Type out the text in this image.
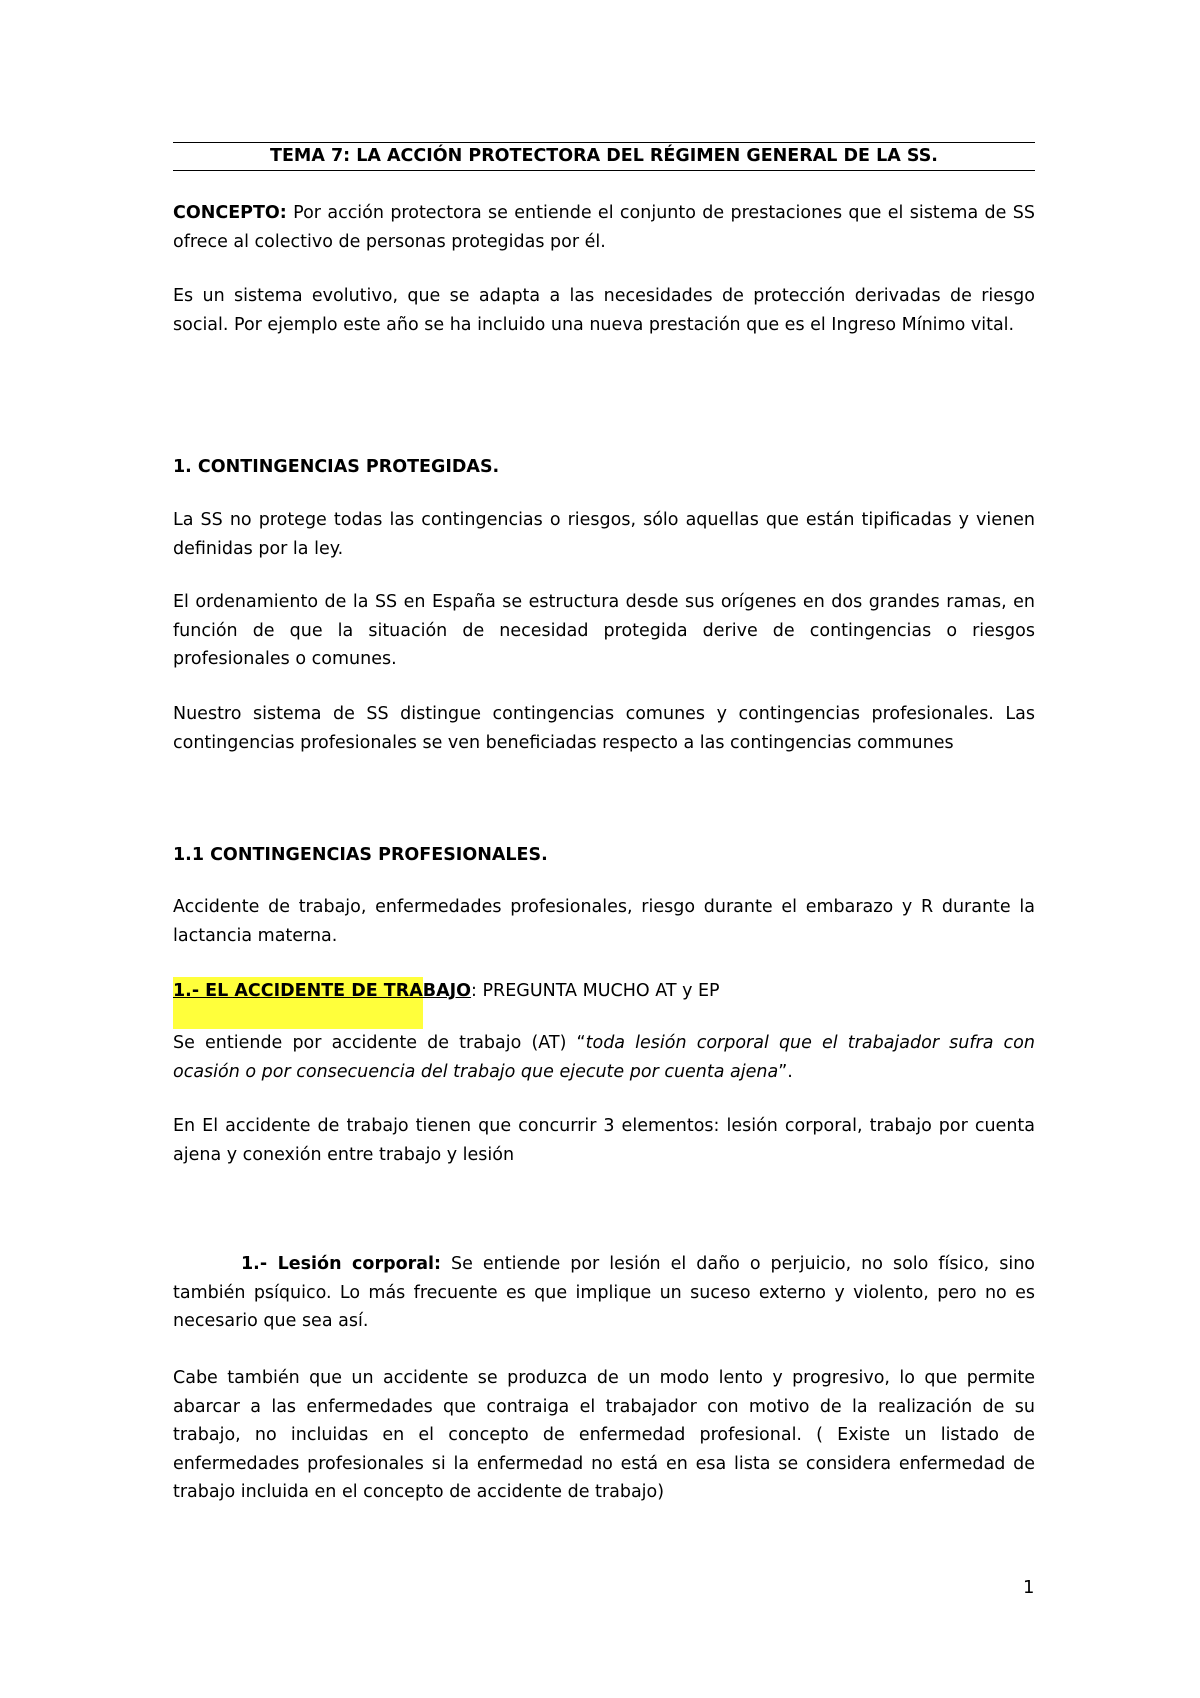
TEMA 7: LA ACCIÓN PROTECTORA DEL RÉGIMEN GENERAL DE LA SS.

CONCEPTO: Por acción protectora se entiende el conjunto de prestaciones que el sistema de SS ofrece al colectivo de personas protegidas por él.

Es un sistema evolutivo, que se adapta a las necesidades de protección derivadas de riesgo social. Por ejemplo este año se ha incluido una nueva prestación que es el Ingreso Mínimo vital.

1. CONTINGENCIAS PROTEGIDAS.

La SS no protege todas las contingencias o riesgos, sólo aquellas que están tipificadas y vienen definidas por la ley.

El ordenamiento de la SS en España se estructura desde sus orígenes en dos grandes ramas, en función de que la situación de necesidad protegida derive de contingencias o riesgos profesionales o comunes.

Nuestro sistema de SS distingue contingencias comunes y contingencias profesionales. Las contingencias profesionales se ven beneficiadas respecto a las contingencias communes

1.1 CONTINGENCIAS PROFESIONALES.

Accidente de trabajo, enfermedades profesionales, riesgo durante el embarazo y R durante la lactancia materna.

1.- EL ACCIDENTE DE TRABAJO: PREGUNTA MUCHO AT y EP

Se entiende por accidente de trabajo (AT) “toda lesión corporal que el trabajador sufra con ocasión o por consecuencia del trabajo que ejecute por cuenta ajena”.

En El accidente de trabajo tienen que concurrir 3 elementos: lesión corporal, trabajo por cuenta ajena y conexión entre trabajo y lesión

1.- Lesión corporal: Se entiende por lesión el daño o perjuicio, no solo físico, sino también psíquico. Lo más frecuente es que implique un suceso externo y violento, pero no es necesario que sea así.

Cabe también que un accidente se produzca de un modo lento y progresivo, lo que permite abarcar a las enfermedades que contraiga el trabajador con motivo de la realización de su trabajo, no incluidas en el concepto de enfermedad profesional. ( Existe un listado de enfermedades profesionales si la enfermedad no está en esa lista se considera enfermedad de trabajo incluida en el concepto de accidente de trabajo)

1
